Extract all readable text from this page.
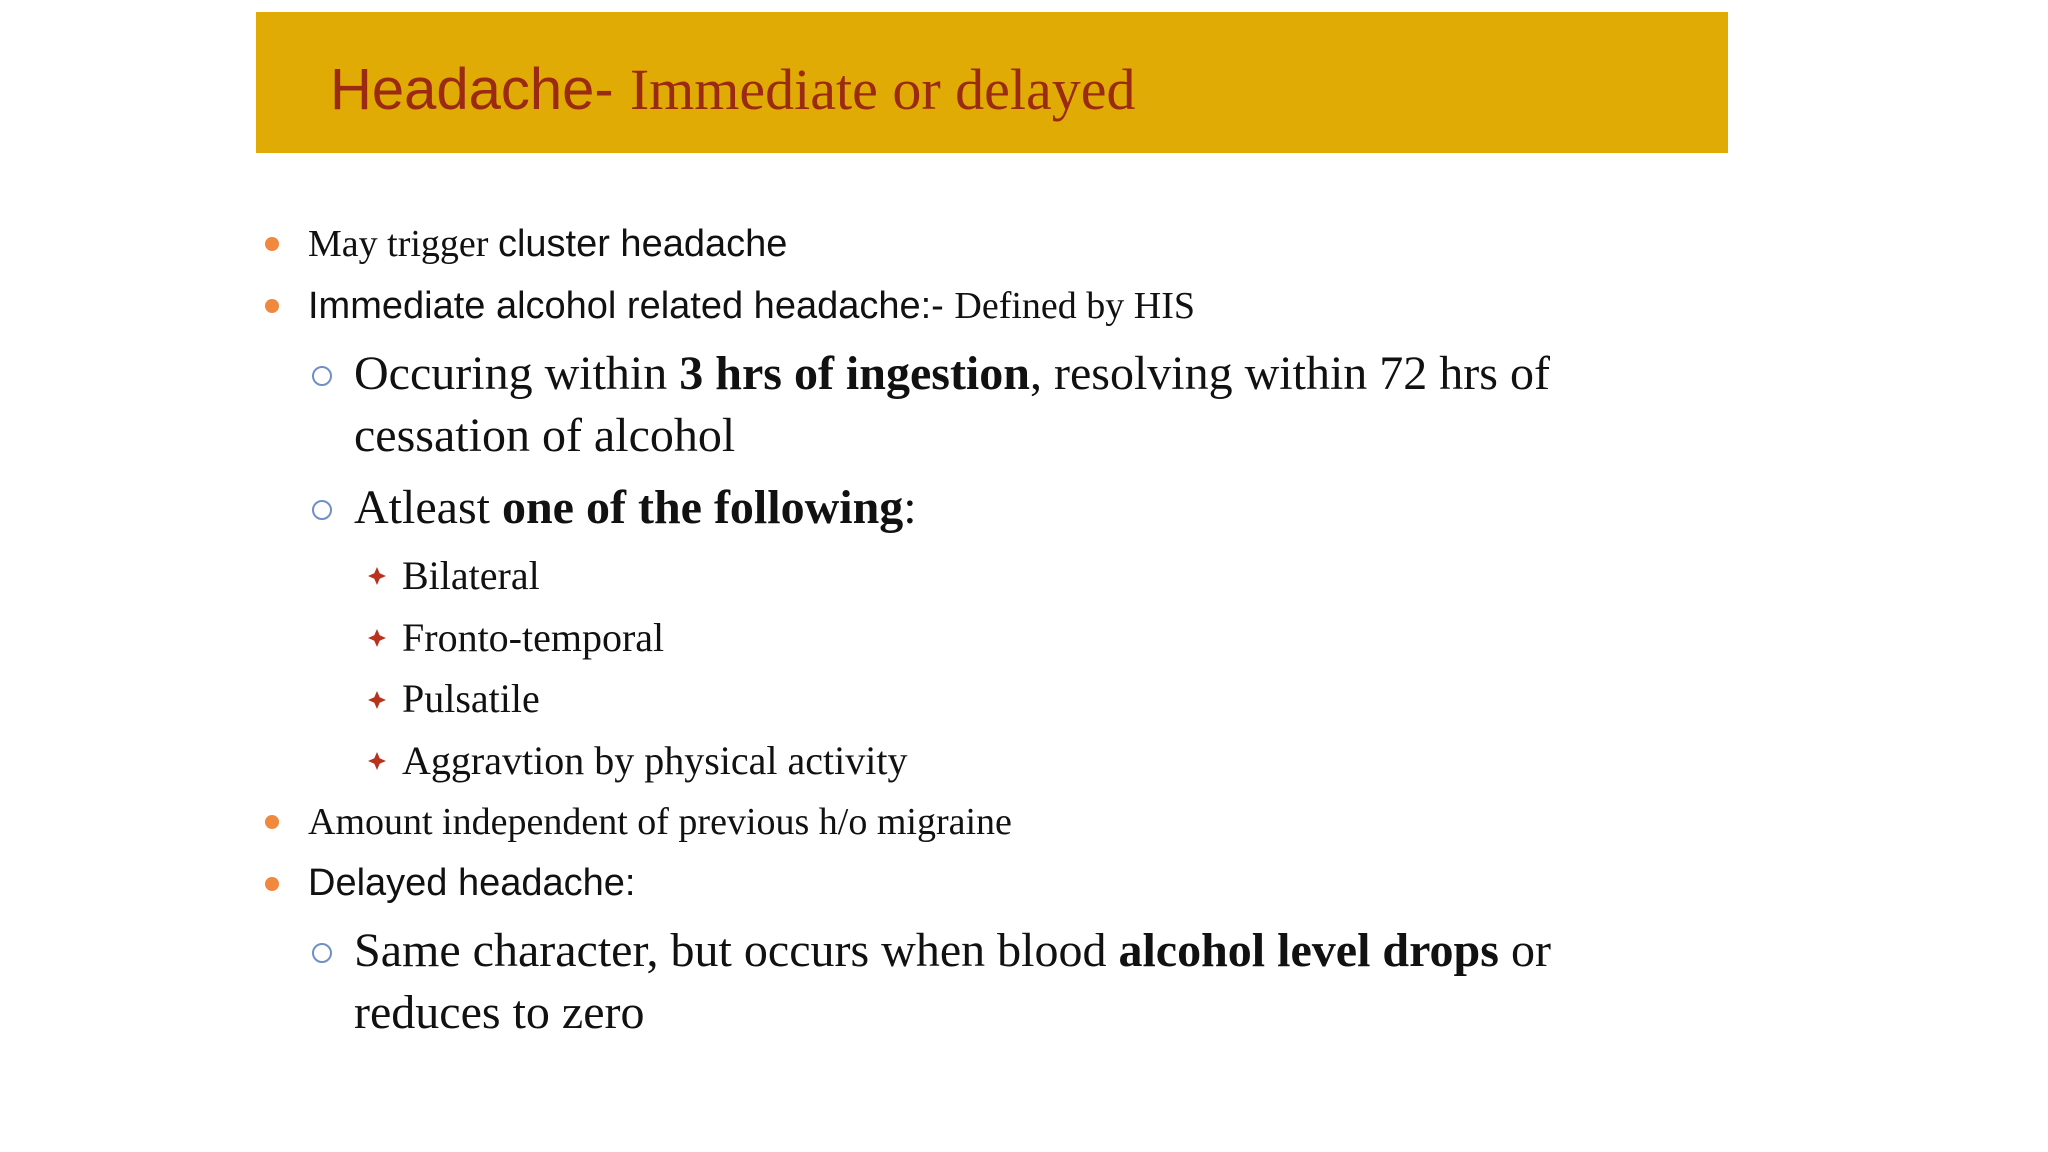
Headache- Immediate or delayed

May trigger cluster headache

Immediate alcohol related headache:- Defined by HIS

Occuring within 3 hrs of ingestion, resolving within 72 hrs of

cessation of alcohol

Atleast one of the following:

Bilateral

Fronto-temporal

Pulsatile

Aggravtion by physical activity

Amount independent of previous h/o migraine

Delayed headache:

Same character, but occurs when blood alcohol level drops or

reduces to zero
